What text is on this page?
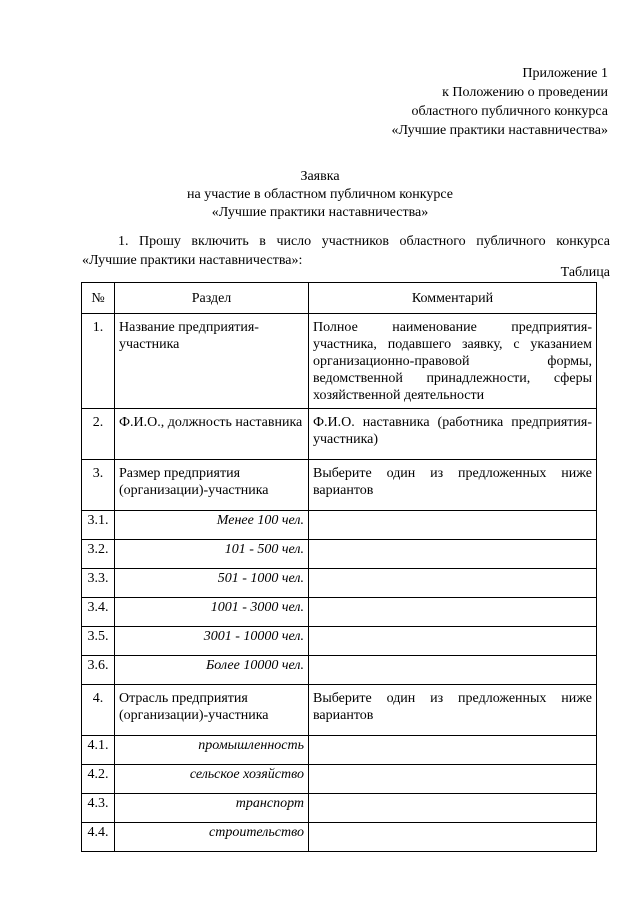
Приложение 1
к Положению о проведении
областного публичного конкурса
«Лучшие практики наставничества»
Заявка
на участие в областном публичном конкурсе
«Лучшие практики наставничества»
1. Прошу включить в число участников областного публичного конкурса «Лучшие практики наставничества»:
Таблица
№	Раздел	Комментарий
1.	Название предприятия-участника	Полное наименование предприятия-участника, подавшего заявку, с указанием организационно-правовой формы, ведомственной принадлежности, сферы хозяйственной деятельности
2.	Ф.И.О., должность наставника	Ф.И.О. наставника (работника предприятия-участника)
3.	Размер предприятия (организации)-участника	Выберите один из предложенных ниже вариантов
3.1.	Менее 100 чел.	
3.2.	101 - 500 чел.	
3.3.	501 - 1000 чел.	
3.4.	1001 - 3000 чел.	
3.5.	3001 - 10000 чел.	
3.6.	Более 10000 чел.	
4.	Отрасль предприятия (организации)-участника	Выберите один из предложенных ниже вариантов
4.1.	промышленность	
4.2.	сельское хозяйство	
4.3.	транспорт	
4.4.	строительство	
